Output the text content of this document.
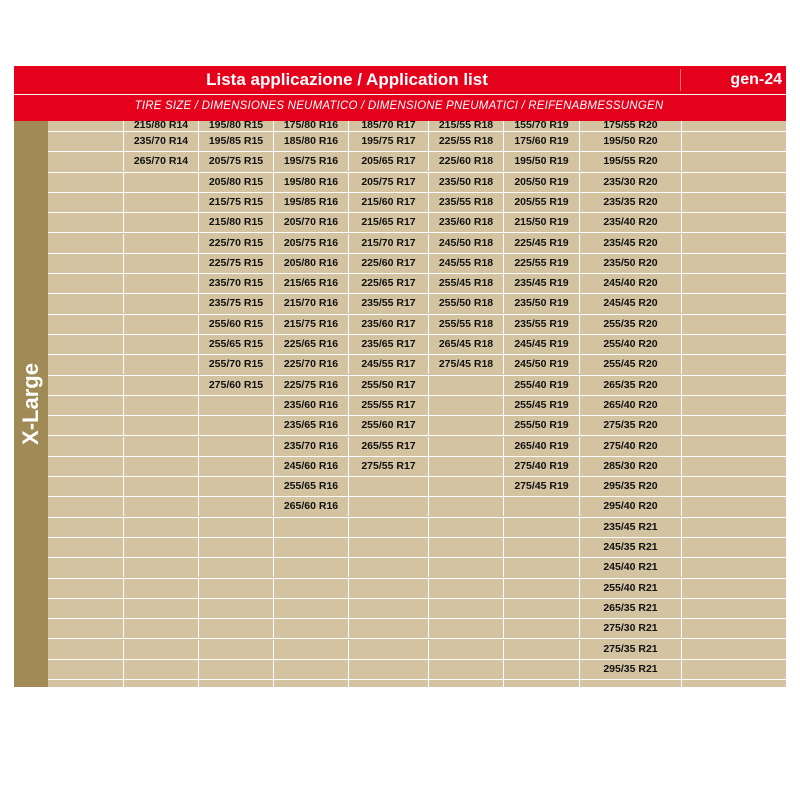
Lista applicazione / Application list	gen-24
TIRE SIZE / DIMENSIONES NEUMATICO / DIMENSIONE PNEUMATICI / REIFENABMESSUNGEN
X-Large
215/80 R14	195/80 R15	175/80 R16	185/70 R17	215/55 R18	155/70 R19	175/55 R20
235/70 R14	195/85 R15	185/80 R16	195/75 R17	225/55 R18	175/60 R19	195/50 R20
265/70 R14	205/75 R15	195/75 R16	205/65 R17	225/60 R18	195/50 R19	195/55 R20
205/80 R15	195/80 R16	205/75 R17	235/50 R18	205/50 R19	235/30 R20
215/75 R15	195/85 R16	215/60 R17	235/55 R18	205/55 R19	235/35 R20
215/80 R15	205/70 R16	215/65 R17	235/60 R18	215/50 R19	235/40 R20
225/70 R15	205/75 R16	215/70 R17	245/50 R18	225/45 R19	235/45 R20
225/75 R15	205/80 R16	225/60 R17	245/55 R18	225/55 R19	235/50 R20
235/70 R15	215/65 R16	225/65 R17	255/45 R18	235/45 R19	245/40 R20
235/75 R15	215/70 R16	235/55 R17	255/50 R18	235/50 R19	245/45 R20
255/60 R15	215/75 R16	235/60 R17	255/55 R18	235/55 R19	255/35 R20
255/65 R15	225/65 R16	235/65 R17	265/45 R18	245/45 R19	255/40 R20
255/70 R15	225/70 R16	245/55 R17	275/45 R18	245/50 R19	255/45 R20
275/60 R15	225/75 R16	255/50 R17	255/40 R19	265/35 R20
235/60 R16	255/55 R17	255/45 R19	265/40 R20
235/65 R16	255/60 R17	255/50 R19	275/35 R20
235/70 R16	265/55 R17	265/40 R19	275/40 R20
245/60 R16	275/55 R17	275/40 R19	285/30 R20
255/65 R16	275/45 R19	295/35 R20
265/60 R16	295/40 R20
235/45 R21
245/35 R21
245/40 R21
255/40 R21
265/35 R21
275/30 R21
275/35 R21
295/35 R21
